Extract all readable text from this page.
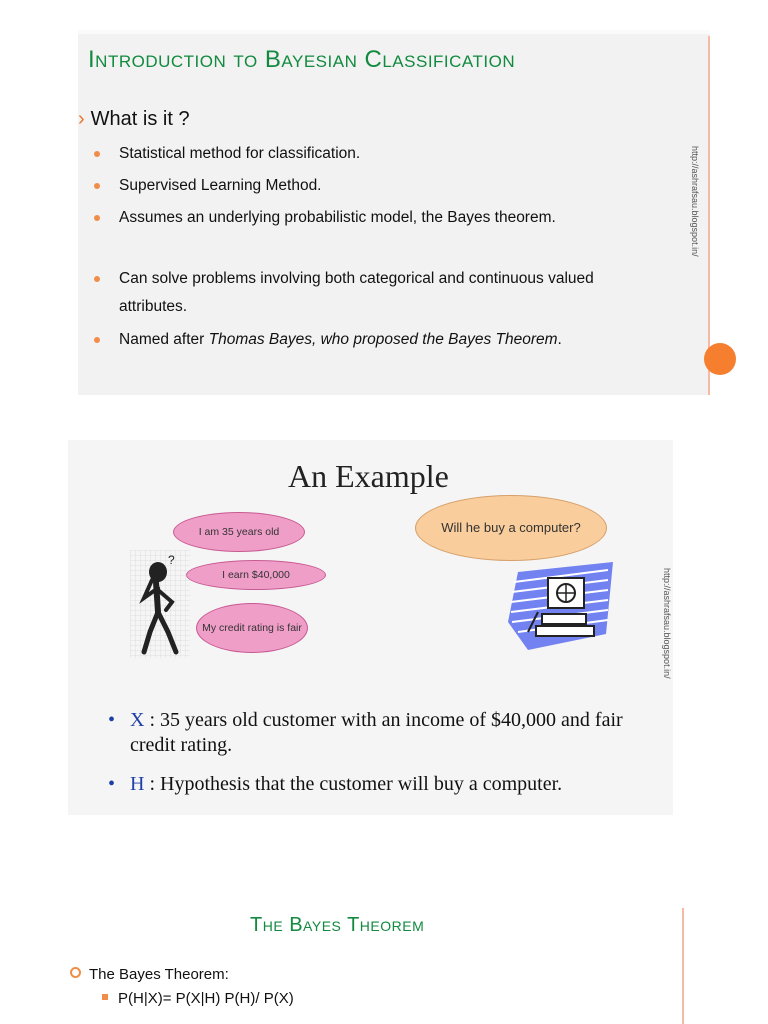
Introduction to Bayesian Classification
› What is it ?
Statistical method for classification.
Supervised Learning Method.
Assumes an underlying probabilistic model, the Bayes theorem.
Can solve problems involving both categorical and continuous valued attributes.
Named after Thomas Bayes, who proposed the Bayes Theorem.
http://ashrafsau.blogspot.in/
An Example
I am 35 years old
I earn $40,000
My credit rating is fair
Will he buy a computer?
?
http://ashrafsau.blogspot.in/
• X : 35 years old customer with an income of $40,000 and fair credit rating.
• H : Hypothesis that the customer will buy a computer.
The Bayes Theorem
The Bayes Theorem:
P(H|X)= P(X|H) P(H)/ P(X)
